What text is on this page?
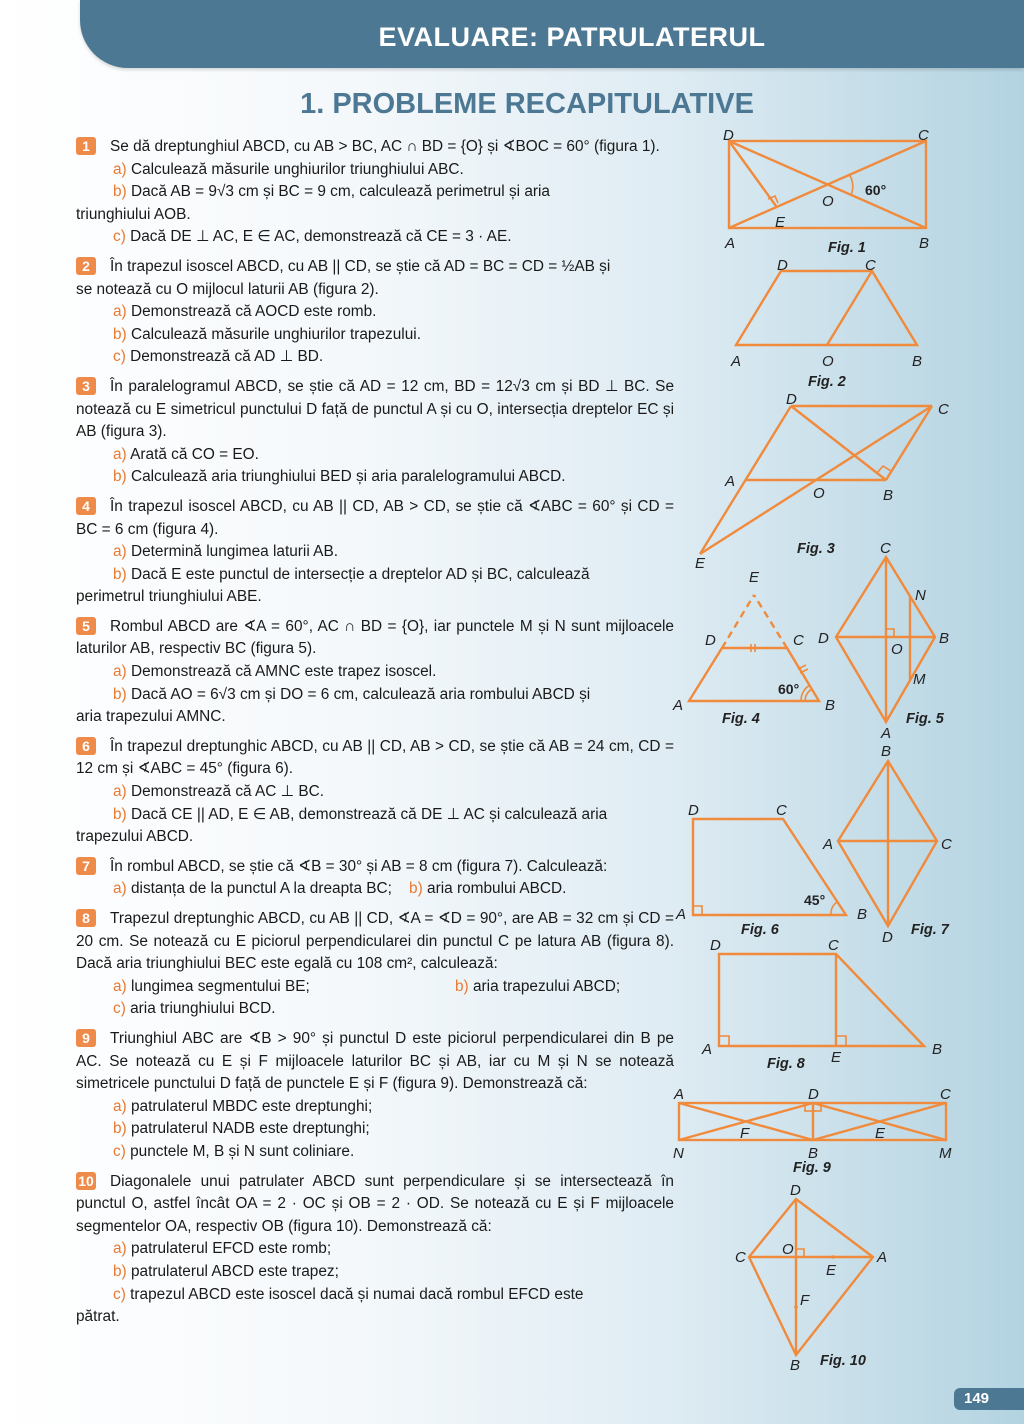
EVALUARE: PATRULATERUL
1. PROBLEME RECAPITULATIVE

1 Se dă dreptunghiul ABCD, cu AB > BC, AC ∩ BD = {O} și ∢BOC = 60° (figura 1).

a) Calculează măsurile unghiurilor triunghiului ABC.

b) Dacă AB = 9√3 cm și BC = 9 cm, calculează perimetrul și aria

triunghiului AOB.

c) Dacă DE ⊥ AC, E ∈ AC, demonstrează că CE = 3 · AE.

2 În trapezul isoscel ABCD, cu AB || CD, se știe că AD = BC = CD = ½AB și

se notează cu O mijlocul laturii AB (figura 2).

a) Demonstrează că AOCD este romb.

b) Calculează măsurile unghiurilor trapezului.

c) Demonstrează că AD ⊥ BD.

3 În paralelogramul ABCD, se știe că AD = 12 cm, BD = 12√3 cm și BD ⊥ BC. Se notează cu E simetricul punctului D față de punctul A și cu O, intersecția dreptelor EC și AB (figura 3).

a) Arată că CO = EO.

b) Calculează aria triunghiului BED și aria paralelogramului ABCD.

4 În trapezul isoscel ABCD, cu AB || CD, AB > CD, se știe că ∢ABC = 60° și CD = BC = 6 cm (figura 4).

a) Determină lungimea laturii AB.

b) Dacă E este punctul de intersecție a dreptelor AD și BC, calculează

perimetrul triunghiului ABE.

5 Rombul ABCD are ∢A = 60°, AC ∩ BD = {O}, iar punctele M și N sunt mijloacele laturilor AB, respectiv BC (figura 5).

a) Demonstrează că AMNC este trapez isoscel.

b) Dacă AO = 6√3 cm și DO = 6 cm, calculează aria rombului ABCD și

aria trapezului AMNC.

6 În trapezul dreptunghic ABCD, cu AB || CD, AB > CD, se știe că AB = 24 cm, CD = 12 cm și ∢ABC = 45° (figura 6).

a) Demonstrează că AC ⊥ BC.

b) Dacă CE || AD, E ∈ AB, demonstrează că DE ⊥ AC și calculează aria

trapezului ABCD.

7 În rombul ABCD, se știe că ∢B = 30° și AB = 8 cm (figura 7). Calculează:

a) distanța de la punctul A la dreapta BC; b) aria rombului ABCD.

8 Trapezul dreptunghic ABCD, cu AB || CD, ∢A = ∢D = 90°, are AB = 32 cm și CD = 20 cm. Se notează cu E piciorul perpendicularei din punctul C pe latura AB (figura 8). Dacă aria triunghiului BEC este egală cu 108 cm², calculează:

a) lungimea segmentului BE;	b) aria trapezului ABCD;

c) aria triunghiului BCD.

9 Triunghiul ABC are ∢B > 90° și punctul D este piciorul perpendicularei din B pe AC. Se notează cu E și F mijloacele laturilor BC și AB, iar cu M și N se notează simetricele punctului D față de punctele E și F (figura 9). Demonstrează că:

a) patrulaterul MBDC este dreptunghi;

b) patrulaterul NADB este dreptunghi;

c) punctele M, B și N sunt coliniare.

10 Diagonalele unui patrulater ABCD sunt perpendiculare și se intersectează în punctul O, astfel încât OA = 2 · OC și OB = 2 · OD. Se notează cu E și F mijloacele segmentelor OA, respectiv OB (figura 10). Demonstrează că:

a) patrulaterul EFCD este romb;

b) patrulaterul ABCD este trapez;

c) trapezul ABCD este isoscel dacă și numai dacă rombul EFCD este

pătrat.

D	C
A	B
O
E
60°
Fig. 1
D	C
A	O	B
Fig. 2
D
C
A
O	B
E
Fig. 3
E
D	C
A	B
60°
Fig. 4
C
N
D	B
O
M
A
Fig. 5
D	C
A	B
45°
Fig. 6
B
A	C
D Fig. 7
D	C
A	E	B
Fig. 8
A	D	C
F	E
N	B	M
Fig. 9
D
C O	A
E
F
B Fig. 10
149
